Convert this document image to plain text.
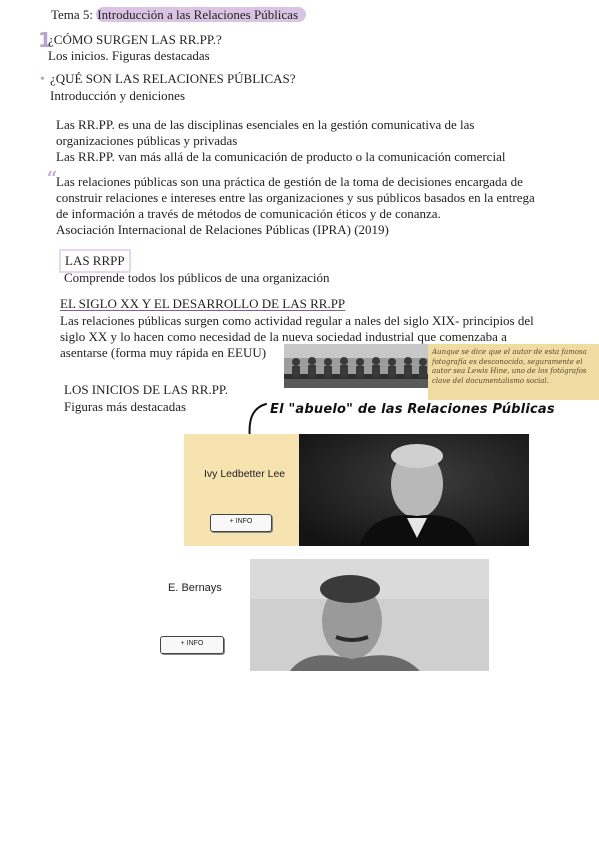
Tema 5: Introducción a las Relaciones Públicas
1
¿CÓMO SURGEN LAS RR.PP.?
Los inicios. Figuras destacadas
• ¿QUÉ SON LAS RELACIONES PÚBLICAS?
Introducción y deniciones
Las RR.PP. es una de las disciplinas esenciales en la gestión comunicativa de las
organizaciones públicas y privadas
Las RR.PP. van más allá de la comunicación de producto o la comunicación comercial
“
Las relaciones públicas son una práctica de gestión de la toma de decisiones encargada de
construir relaciones e intereses entre las organizaciones y sus públicos basados en la entrega
de información a través de métodos de comunicación éticos y de conanza.
Asociación Internacional de Relaciones Públicas (IPRA) (2019)
LAS RRPP
Comprende todos los públicos de una organización
EL SIGLO XX Y EL DESARROLLO DE LAS RR.PP
Las relaciones públicas surgen como actividad regular a nales del siglo XIX- principios del
siglo XX y lo hacen como necesidad de la nueva sociedad industrial que comenzaba a
asentarse (forma muy rápida en EEUU)	Aunque se dice que el autor de esta famosa fotografía es desconocido, seguramente el autor sea Lewis Hine, uno de los fotógrafos clave del documentalismo social.
LOS INICIOS DE LAS RR.PP.
Figuras más destacadas	El "abuelo" de las Relaciones Públicas
Ivy Ledbetter Lee
+ INFO
E. Bernays
+ INFO
